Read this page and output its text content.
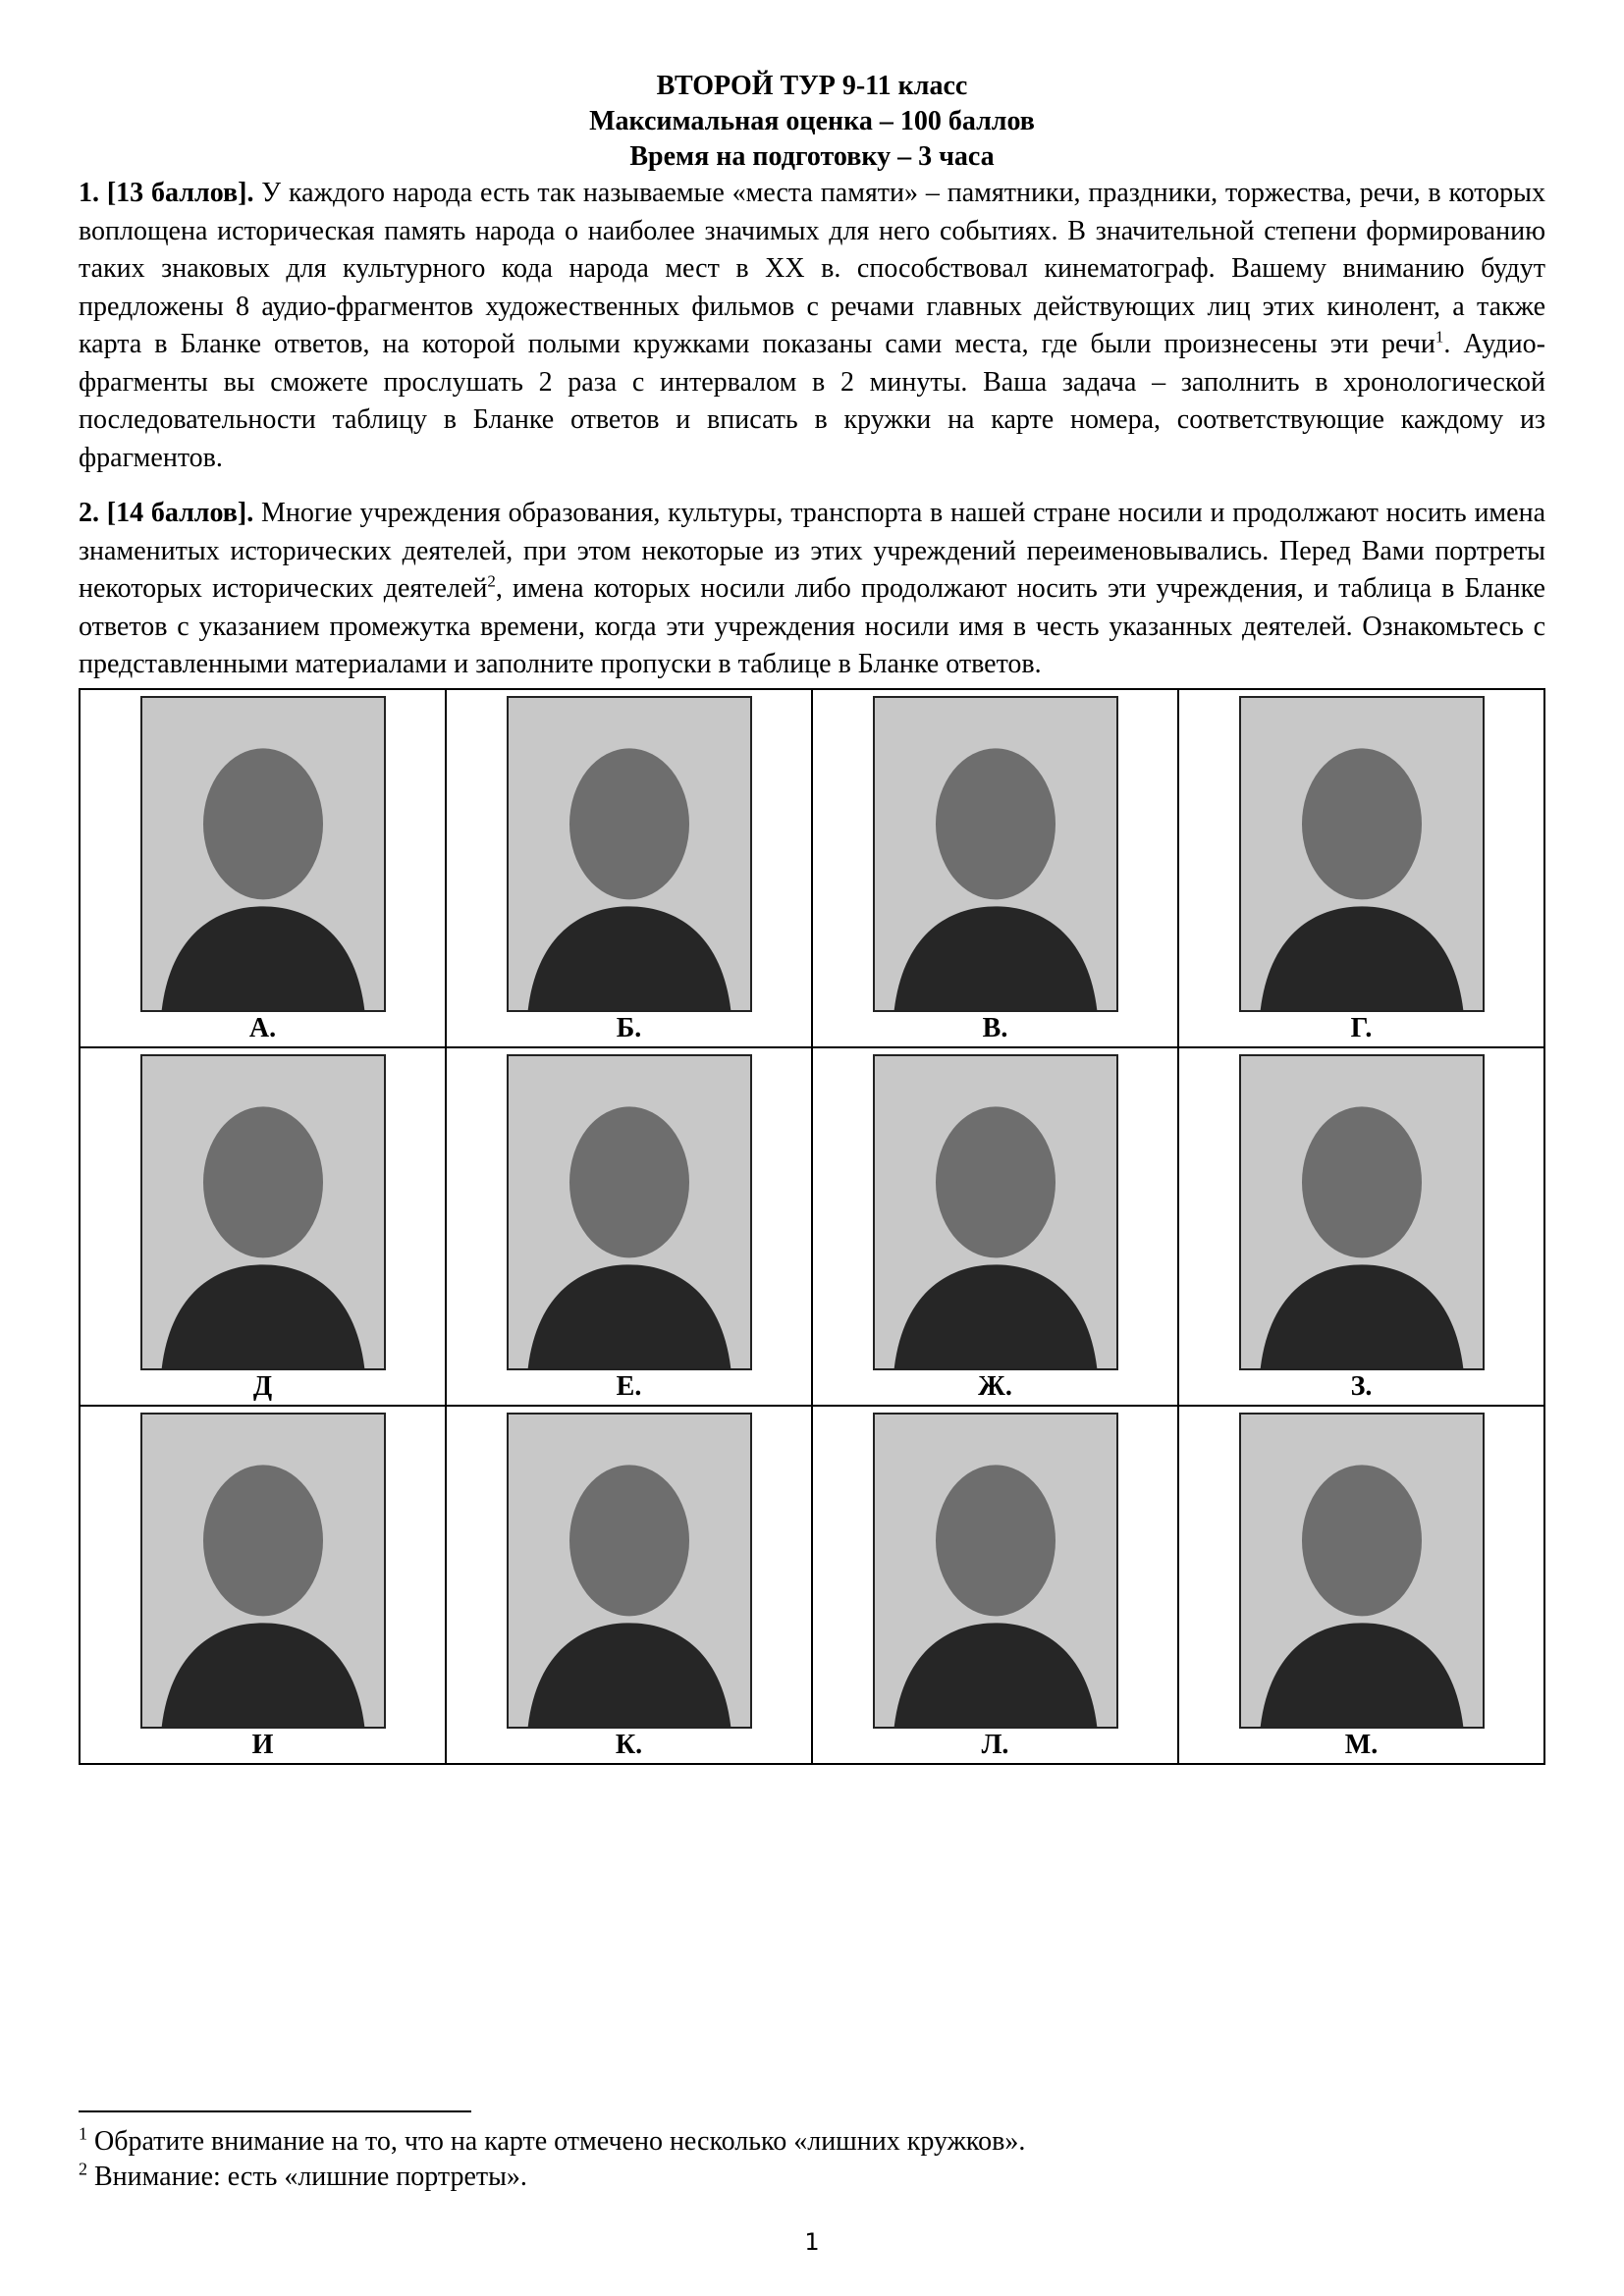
ВТОРОЙ ТУР 9-11 класс
Максимальная оценка – 100 баллов
Время на подготовку – 3 часа

1. [13 баллов]. У каждого народа есть так называемые «места памяти» – памятники, праздники, торжества, речи, в которых воплощена историческая память народа о наиболее значимых для него событиях. В значительной степени формированию таких знаковых для культурного кода народа мест в XX в. способствовал кинематограф. Вашему вниманию будут предложены 8 аудио-фрагментов художественных фильмов с речами главных действующих лиц этих кинолент, а также карта в Бланке ответов, на которой полыми кружками показаны сами места, где были произнесены эти речи$^1$. Аудио-фрагменты вы сможете прослушать 2 раза с интервалом в 2 минуты. Ваша задача – заполнить в хронологической последовательности таблицу в Бланке ответов и вписать в кружки на карте номера, соответствующие каждому из фрагментов.

2. [14 баллов]. Многие учреждения образования, культуры, транспорта в нашей стране носили и продолжают носить имена знаменитых исторических деятелей, при этом некоторые из этих учреждений переименовывались. Перед Вами портреты некоторых исторических деятелей$^2$, имена которых носили либо продолжают носить эти учреждения, и таблица в Бланке ответов с указанием промежутка времени, когда эти учреждения носили имя в честь указанных деятелей. Ознакомьтесь с представленными материалами и заполните пропуски в таблице в Бланке ответов.

А.	Б.	В.	Г.

Д	Е.	Ж.	З.

И	К.	Л.	М.
$^1$ Обратите внимание на то, что на карте отмечено несколько «лишних кружков».
$^2$ Внимание: есть «лишние портреты».
1
